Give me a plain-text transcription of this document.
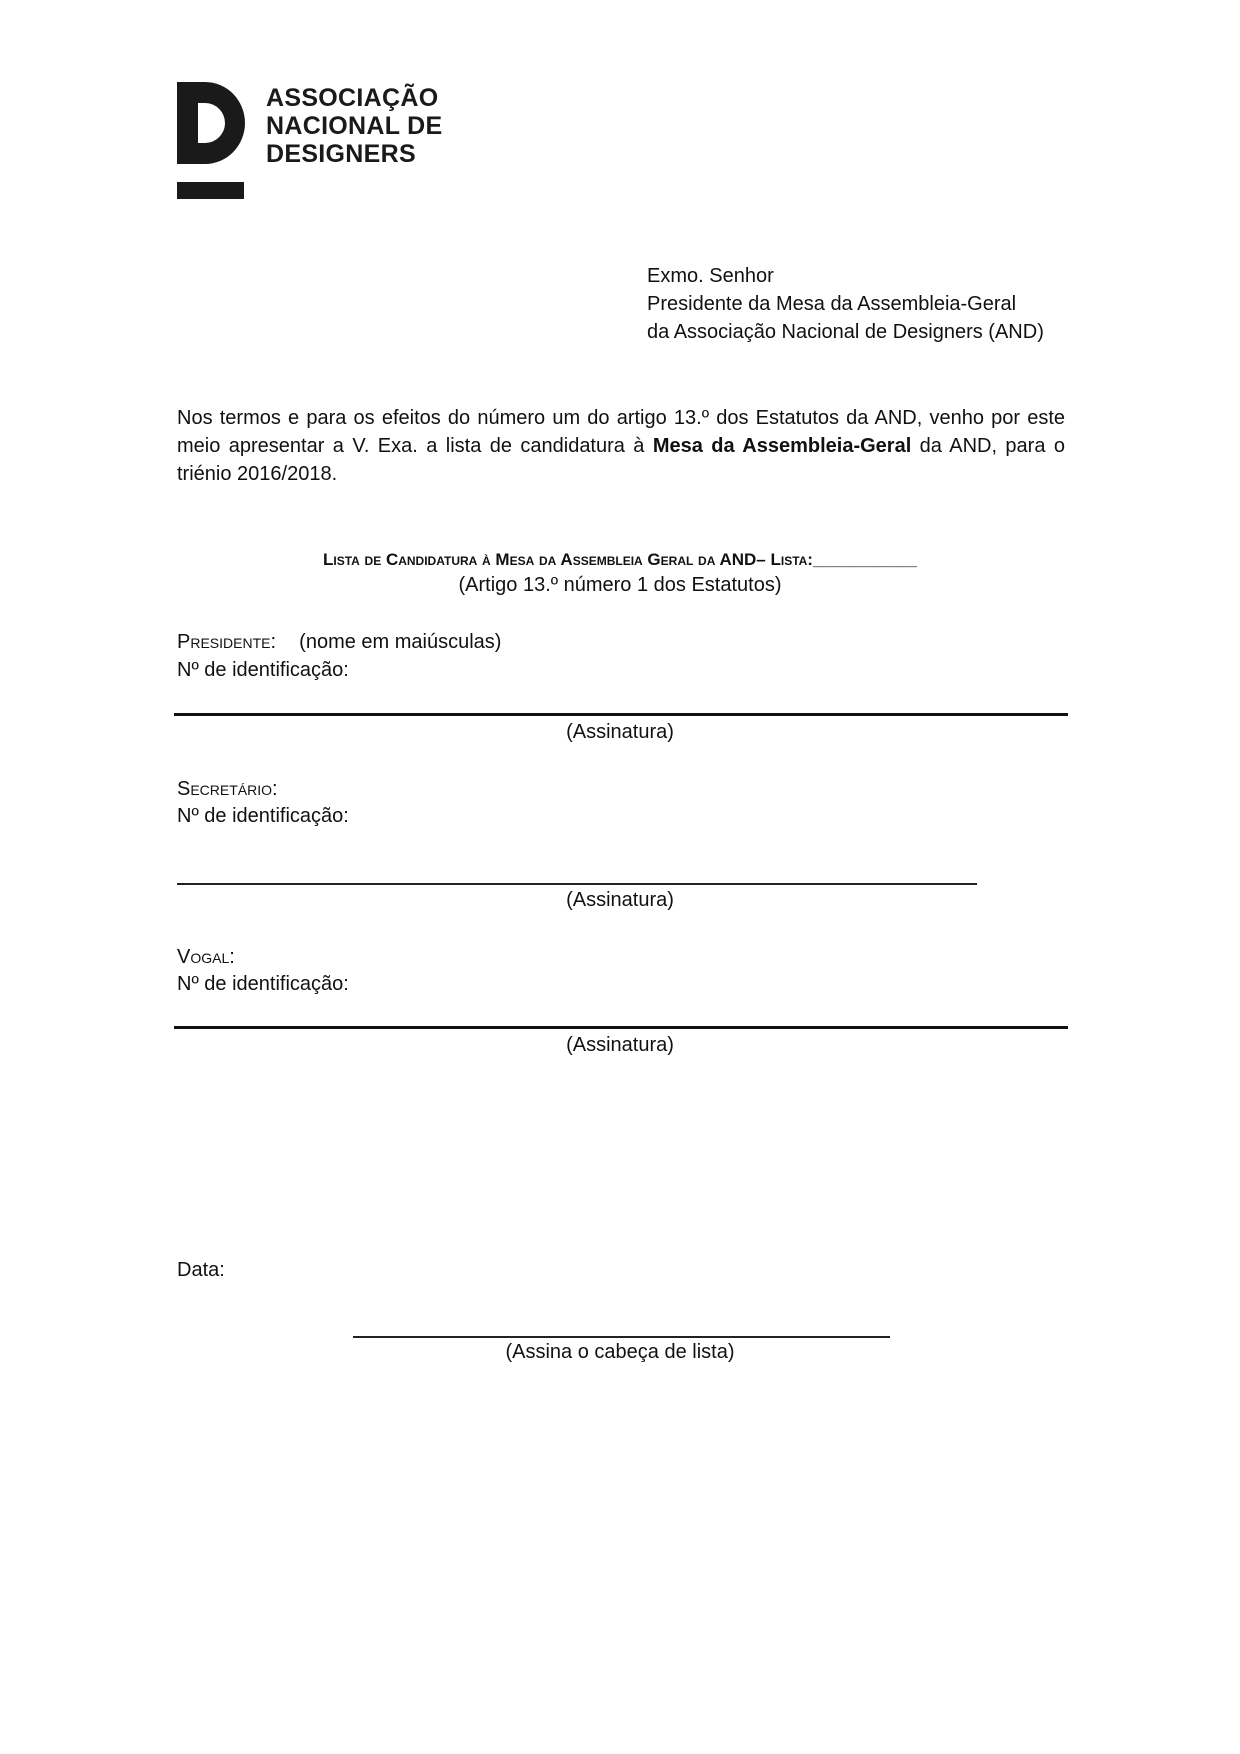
ASSOCIAÇÃO
NACIONAL DE
DESIGNERS
Exmo. Senhor
Presidente da Mesa da Assembleia-Geral
da Associação Nacional de Designers (AND)
Nos termos e para os efeitos do número um do artigo 13.º dos Estatutos da AND, venho por este meio apresentar a V. Exa. a lista de candidatura à Mesa da Assembleia-Geral da AND, para o triénio 2016/2018.
Lista de Candidatura à Mesa da Assembleia Geral da AND– Lista:___________
(Artigo 13.º número 1 dos Estatutos)
Presidente: (nome em maiúsculas)
Nº de identificação:
(Assinatura)
Secretário:
Nº de identificação:
(Assinatura)
Vogal:
Nº de identificação:
(Assinatura)
Data:
(Assina o cabeça de lista)
